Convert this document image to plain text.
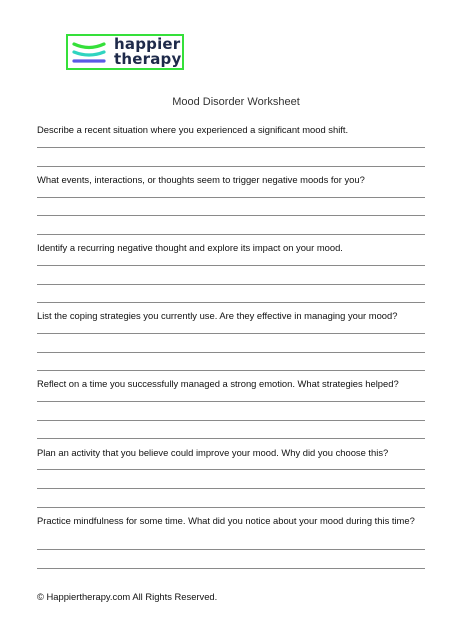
happier
therapy
Mood Disorder Worksheet
Describe a recent situation where you experienced a significant mood shift.
What events, interactions, or thoughts seem to trigger negative moods for you?
Identify a recurring negative thought and explore its impact on your mood.
List the coping strategies you currently use. Are they effective in managing your mood?
Reflect on a time you successfully managed a strong emotion. What strategies helped?
Plan an activity that you believe could improve your mood. Why did you choose this?
Practice mindfulness for some time. What did you notice about your mood during this time?
© Happiertherapy.com All Rights Reserved.
